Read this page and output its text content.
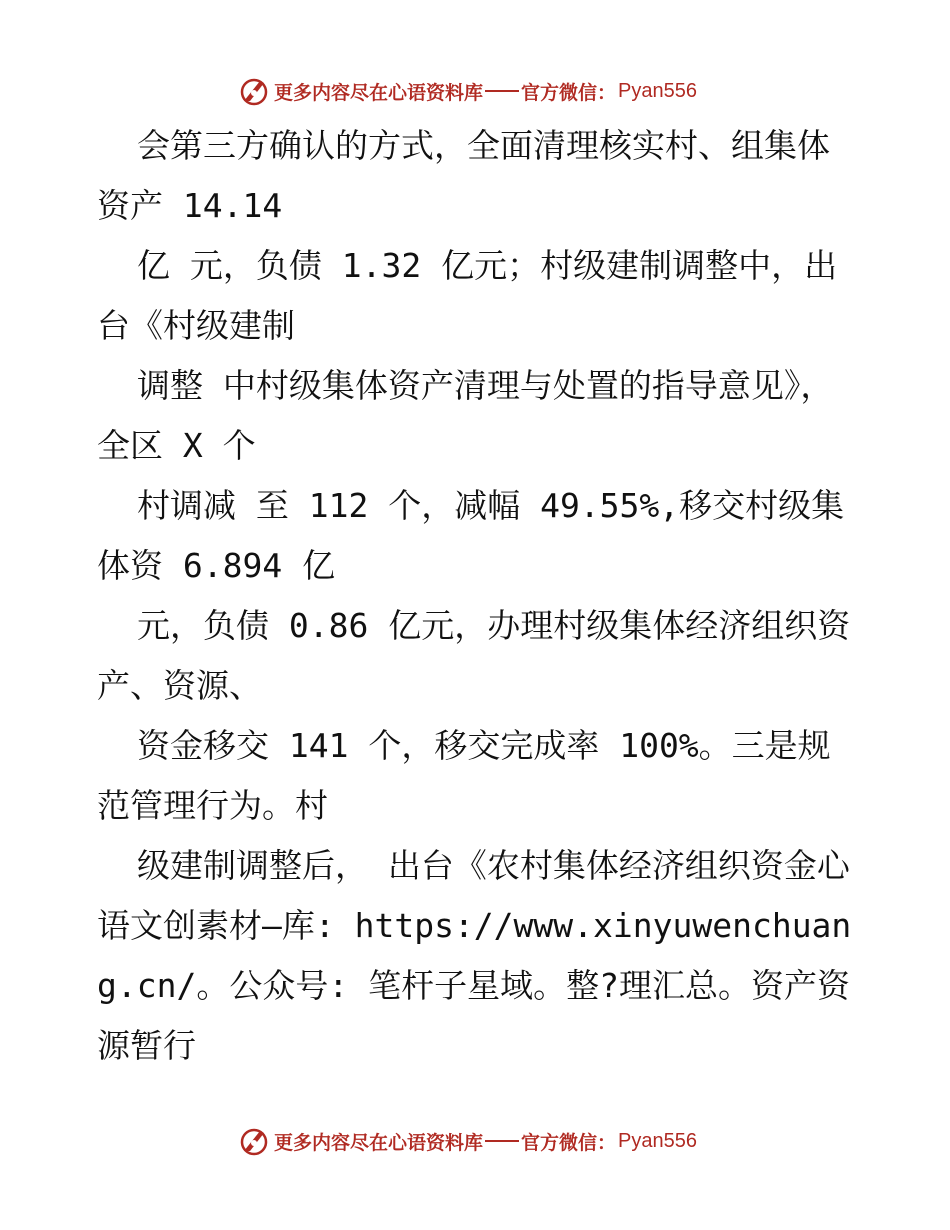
更多内容尽在心语资料库 官方微信： Pyan556

会第三方确认的方式，全面清理核实村、组集体资产 14.14

亿 元，负债 1.32 亿元；村级建制调整中，出台《村级建制

调整 中村级集体资产清理与处置的指导意见》，全区 X 个

村调减 至 112 个，减幅 49.55%,移交村级集体资 6.894 亿

元，负债 0.86 亿元，办理村级集体经济组织资产、资源、

资金移交 141 个，移交完成率 100%。三是规范管理行为。村

级建制调整后， 出台《农村集体经济组织资金心语文创素材—库: https://www.xinyuwenchuang.cn/。公众号: 笔杆子星域。整?理汇总。资产资源暂行

更多内容尽在心语资料库 官方微信： Pyan556
